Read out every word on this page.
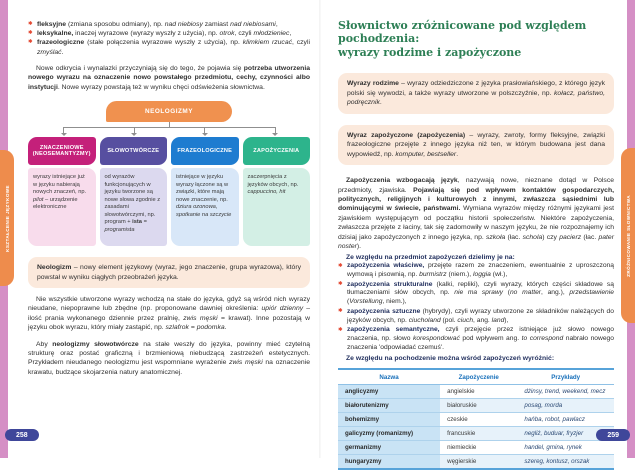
KSZTAŁCENIE JĘZYKOWE	ZRÓŻNICOWANIE SŁOWNICTWA
✱ fleksyjne (zmiana sposobu odmiany), np. nad niebiosy zamiast nad niebiosami,
✱ leksykalne, inaczej wyrazowe (wyrazy wyszły z użycia), np. otrok, czyli młodzieniec,
✱ frazeologiczne (stałe połączenia wyrazowe wyszły z użycia), np. klimkiem rzucać, czyli zmyślać.

Nowe odkrycia i wynalazki przyczyniają się do tego, że pojawia się potrzeba utworzenia nowego wyrazu na oznaczenie nowo powstałego przedmiotu, cechy, czynności albo instytucji. Nowe wyrazy powstają też w wyniku chęci odświeżenia słownictwa.

NEOLOGIZMY
ZNACZENIOWE (NEOSEMANTYZMY)
wyrazy istniejące już w języku nabierają nowych znaczeń, np. pilot – urządzenie elektroniczne
SŁOWOTWÓRCZE
od wyrazów funkcjonujących w języku tworzone są nowe słowa zgodnie z zasadami słowotwórczymi, np. program + ista = programista
FRAZEOLOGICZNE
istniejące w języku wyrazy łączone są w związki, które mają nowe znaczenie, np. dziura ozonowa, spotkanie na szczycie
ZAPOŻYCZENIA
zaczerpnięcia z języków obcych, np. cappuccino, hit
Neologizm – nowy element językowy (wyraz, jego znaczenie, grupa wyrazowa), który powstał w wyniku ciągłych przeobrażeń języka.

Nie wszystkie utworzone wyrazy wchodzą na stałe do języka, gdyż są wśród nich wyrazy nieudane, niepoprawne lub zbędne (np. proponowane dawniej określenia: upiór dzienny – ilość prania wykonanego dziennie przez pralnię, zwis męski = krawat). Inne pozostają w języku obok wyrazu, który miały zastąpić, np. szlafrok = podomka.

Aby neologizmy słowotwórcze na stałe weszły do języka, powinny mieć czytelną strukturę oraz postać graficzną i brzmieniową niebudzącą zastrzeżeń estetycznych. Przykładem nieudanego neologizmu jest wspomniane wyrażenie zwis męski na oznaczenie krawatu, budzące skojarzenia natury anatomicznej.

Słownictwo zróżnicowane pod względem
pochodzenia:
wyrazy rodzime i zapożyczone
Wyrazy rodzime – wyrazy odziedziczone z języka prasłowiańskiego, z którego język polski się wywodzi, a także wyrazy utworzone w polszczyźnie, np. kołacz, państwo, podręcznik.
Wyraz zapożyczone (zapożyczenia) – wyrazy, zwroty, formy fleksyjne, związki frazeologiczne przejęte z innego języka niż ten, w którym budowana jest dana wypowiedź, np. komputer, bestseller.

Zapożyczenia wzbogacają język, nazywają nowe, nieznane dotąd w Polsce przedmioty, zjawiska. Pojawiają się pod wpływem kontaktów gospodarczych, politycznych, religijnych i kulturowych z innymi, zwłaszcza sąsiednimi lub dominującymi w świecie, państwami. Wymiana wyrazów między różnymi językami jest zjawiskiem występującym od początku historii społeczeństw. Niektóre zapożyczenia, zwłaszcza przejęte z łaciny, tak się zadomowiły w naszym języku, że nie rozpoznajemy ich dzisiaj jako zapożyczonych z innego języka, np. szkoła (łac. schola) czy pacierz (łac. pater noster).

Ze względu na przedmiot zapożyczeń dzielimy je na:
✱ zapożyczenia właściwe, przejęte razem ze znaczeniem, ewentualnie z uproszczoną wymową i pisownią, np. burmistrz (niem.), loggia (wł.),
✱ zapożyczenia strukturalne (kalki, repliki), czyli wyrazy, których części składowe są tłumaczeniami słów obcych, np. nie ma sprawy (no matter, ang.), przedstawienie (Vorstellung, niem.),
✱ zapożyczenia sztuczne (hybrydy), czyli wyrazy utworzone ze składników należących do języków obcych, np. ciucholand (pol. ciuch, ang. land),
✱ zapożyczenia semantyczne, czyli przejęcie przez istniejące już słowo nowego znaczenia, np. słowo korespondować pod wpływem ang. to correspond nabrało nowego znaczenia 'odpowiadać czemuś'.
Ze względu na pochodzenie można wśród zapożyczeń wyróżnić:
Nazwa	Zapożyczenie	Przykłady
anglicyzmy	angielskie	dżinsy, trend, weekend, mecz
białorutenizmy	białoruskie	posag, morda
bohemizmy	czeskie	hańba, robot, pawlacz
galicyzmy (romanizmy)	francuskie	negliż, buduar, fryzjer
germanizmy	niemieckie	handel, gmina, rynek
hungaryzmy	węgierskie	szereg, kontusz, orszak
258	259
